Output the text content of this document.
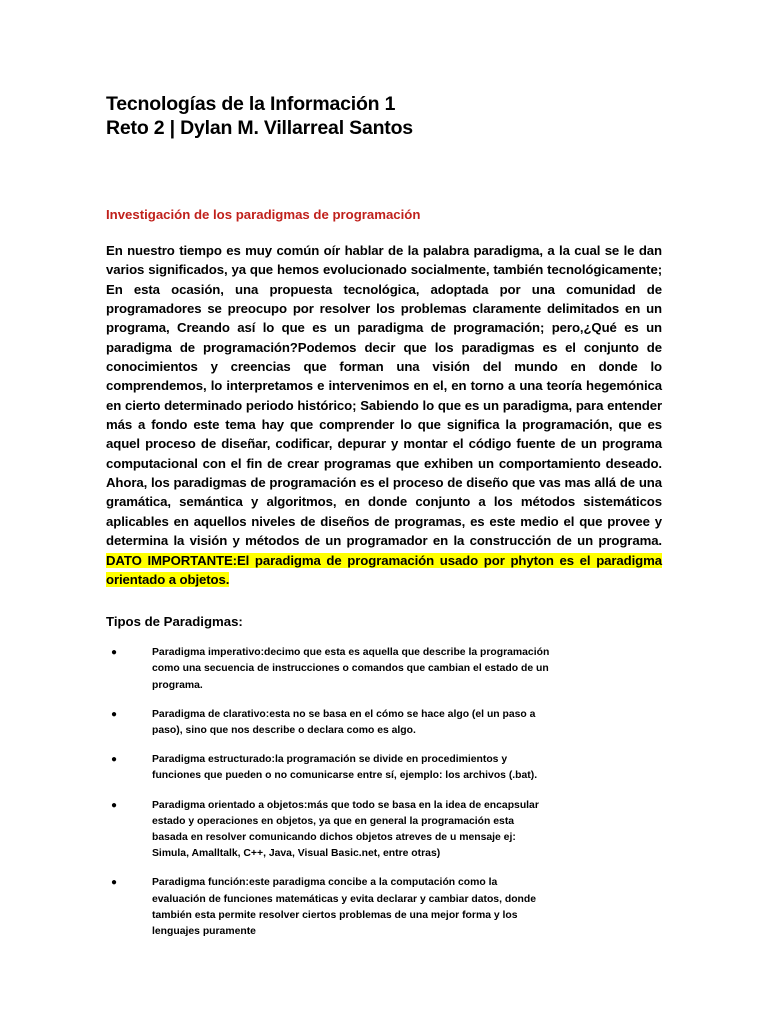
Tecnologías de la Información 1
Reto 2 | Dylan M. Villarreal Santos
Investigación de los paradigmas de programación
En nuestro tiempo es muy común oír hablar de la palabra paradigma, a la cual se le dan varios significados, ya que hemos evolucionado socialmente, también tecnológicamente; En esta ocasión, una propuesta tecnológica, adoptada por una comunidad de programadores se preocupo por resolver los problemas claramente delimitados en un programa, Creando así lo que es un paradigma de programación; pero,¿Qué es un paradigma de programación?Podemos decir que los paradigmas es el conjunto de conocimientos y creencias que forman una visión del mundo en donde lo comprendemos, lo interpretamos e intervenimos en el, en torno a una teoría hegemónica en cierto determinado periodo histórico; Sabiendo lo que es un paradigma, para entender más a fondo este tema hay que comprender lo que significa la programación, que es aquel proceso de diseñar, codificar, depurar y montar el código fuente de un programa computacional con el fin de crear programas que exhiben un comportamiento deseado. Ahora, los paradigmas de programación es el proceso de diseño que vas mas allá de una gramática, semántica y algoritmos, en donde conjunto a los métodos sistemáticos aplicables en aquellos niveles de diseños de programas, es este medio el que provee y determina la visión y métodos de un programador en la construcción de un programa. DATO IMPORTANTE:El paradigma de programación usado por phyton es el paradigma orientado a objetos.
Tipos de Paradigmas:
●	Paradigma imperativo:decimo que esta es aquella que describe la programación como una secuencia de instrucciones o comandos que cambian el estado de un programa.
●	Paradigma de clarativo:esta no se basa en el cómo se hace algo (el un paso a paso), sino que nos describe o declara como es algo.
●	Paradigma estructurado:la programación se divide en procedimientos y funciones que pueden o no comunicarse entre sí, ejemplo: los archivos (.bat).
●	Paradigma orientado a objetos:más que todo se basa en la idea de encapsular estado y operaciones en objetos, ya que en general la programación esta basada en resolver comunicando dichos objetos atreves de u mensaje ej: Simula, Amalltalk, C++, Java, Visual Basic.net, entre otras)
●	Paradigma función:este paradigma concibe a la computación como la evaluación de funciones matemáticas y evita declarar y cambiar datos, donde también esta permite resolver ciertos problemas de una mejor forma y los lenguajes puramente
